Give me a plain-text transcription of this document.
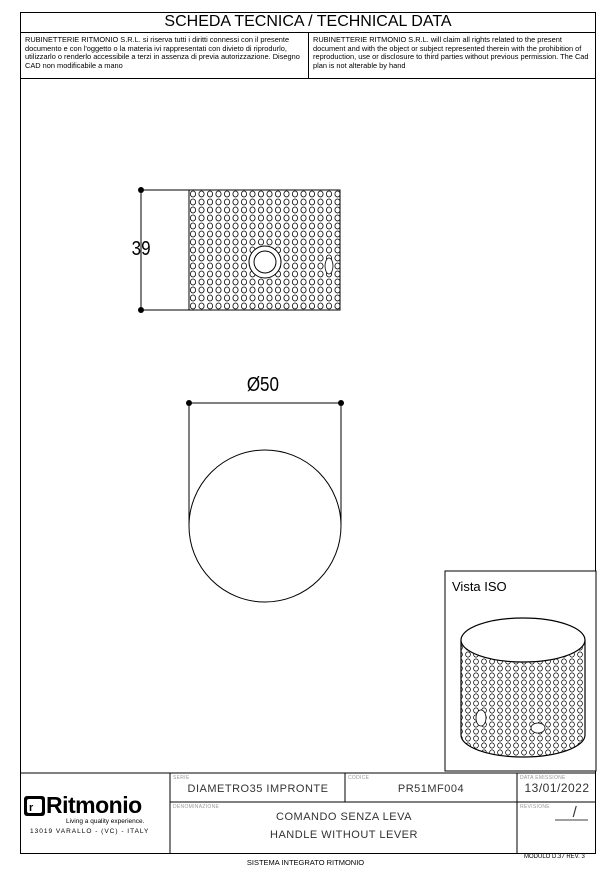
SCHEDA TECNICA / TECHNICAL DATA
RUBINETTERIE RITMONIO S.R.L. si riserva tutti i diritti connessi con il presente documento e con l'oggetto o la materia ivi rappresentati con divieto di riprodurlo, utilizzarlo o renderlo accessibile a terzi in assenza di previa autorizzazione. Disegno CAD non modificabile a mano
RUBINETTERIE RITMONIO S.R.L. will claim all rights related to the present document and with the object or subject represented therein with the prohibition of reproduction, use or disclosure to third parties without previous permission. The Cad plan is not alterable by hand
r
39
Ø50
Vista ISO
Ritmonio
Living a quality experience.
13019 VARALLO - (VC) - ITALY
SERIE
DIAMETRO35 IMPRONTE
CODICE
PR51MF004
DATA EMISSIONE
13/01/2022
DENOMINAZIONE
COMANDO SENZA LEVA
HANDLE WITHOUT LEVER
REVISIONE	/
SISTEMA INTEGRATO RITMONIO
MODULO D.37 REV. 3
